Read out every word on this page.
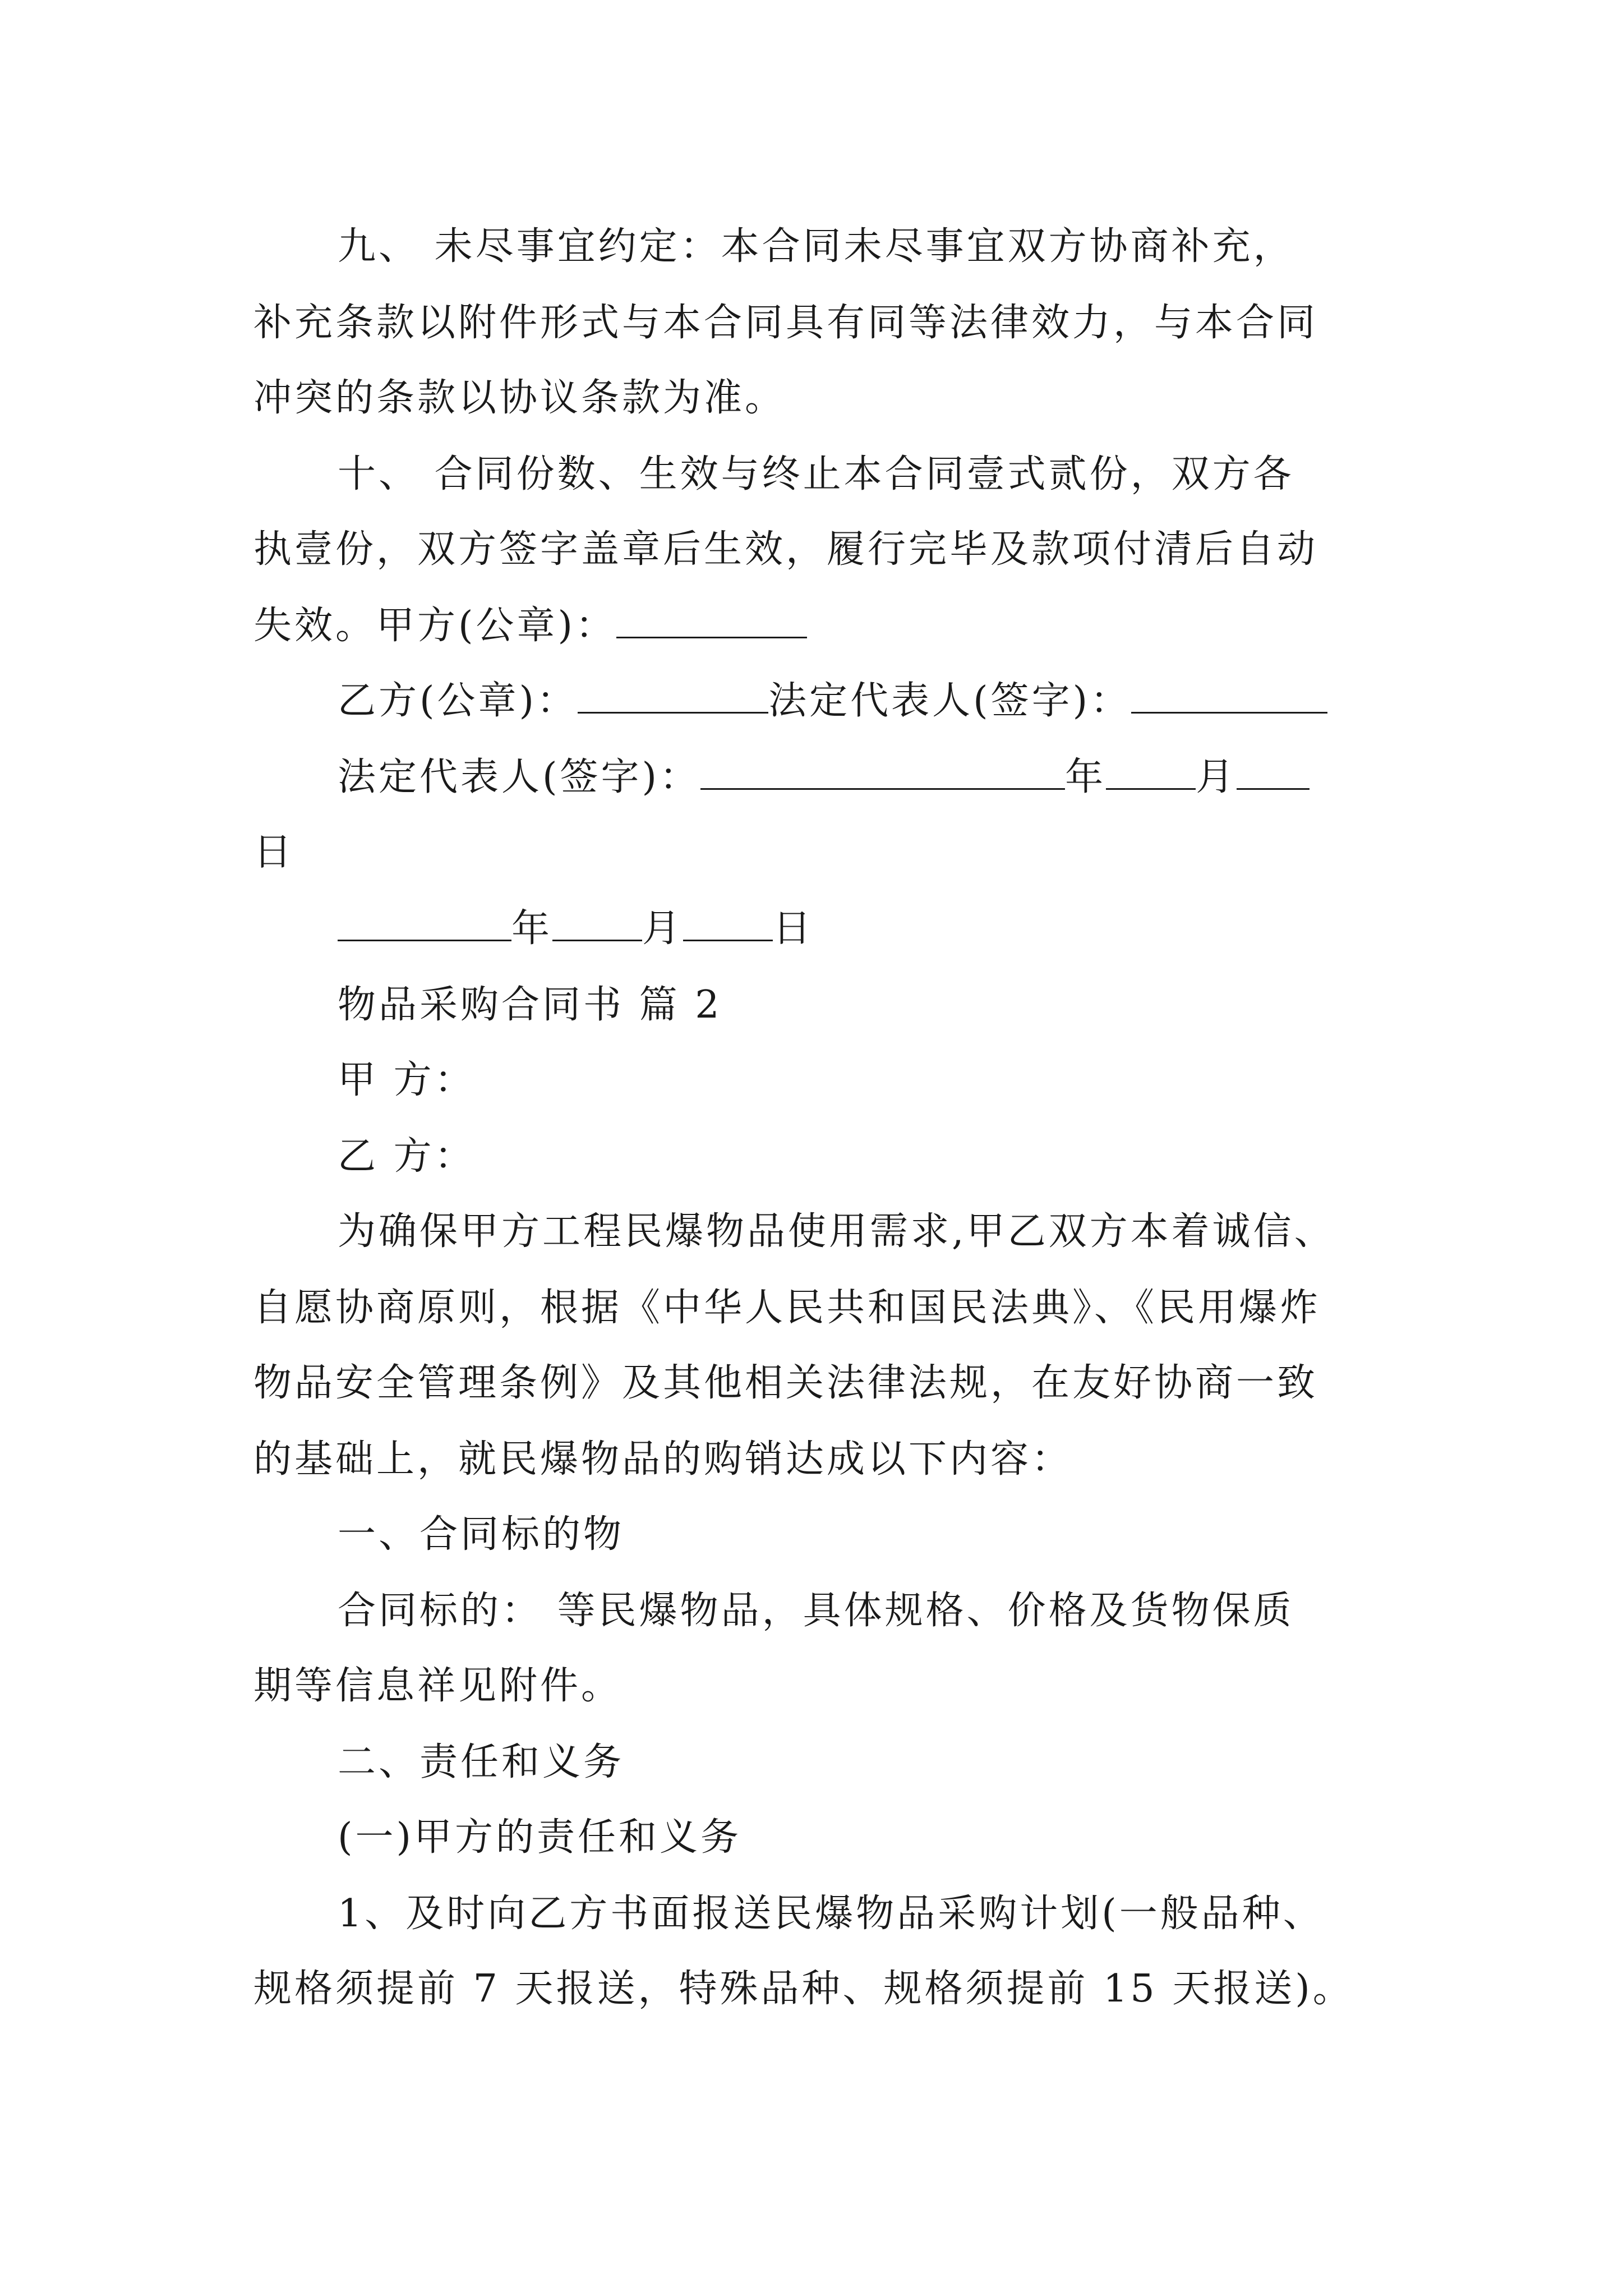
九、 未尽事宜约定：本合同未尽事宜双方协商补充，
补充条款以附件形式与本合同具有同等法律效力，与本合同
冲突的条款以协议条款为准。
十、 合同份数、生效与终止本合同壹式贰份，双方各
执壹份，双方签字盖章后生效，履行完毕及款项付清后自动
失效。甲方(公章)：
乙方(公章)：	法定代表人(签字)：
法定代表人(签字)：	年 月
日
年 月 日
物品采购合同书 篇 2
甲 方：
乙 方：
为确保甲方工程民爆物品使用需求,甲乙双方本着诚信、
自愿协商原则，根据《中华人民共和国民法典》、《民用爆炸
物品安全管理条例》及其他相关法律法规，在友好协商一致
的基础上，就民爆物品的购销达成以下内容：
一、合同标的物
合同标的： 等民爆物品，具体规格、价格及货物保质
期等信息祥见附件。
二、责任和义务
(一)甲方的责任和义务
1、及时向乙方书面报送民爆物品采购计划(一般品种、
规格须提前 7 天报送，特殊品种、规格须提前 15 天报送)。
